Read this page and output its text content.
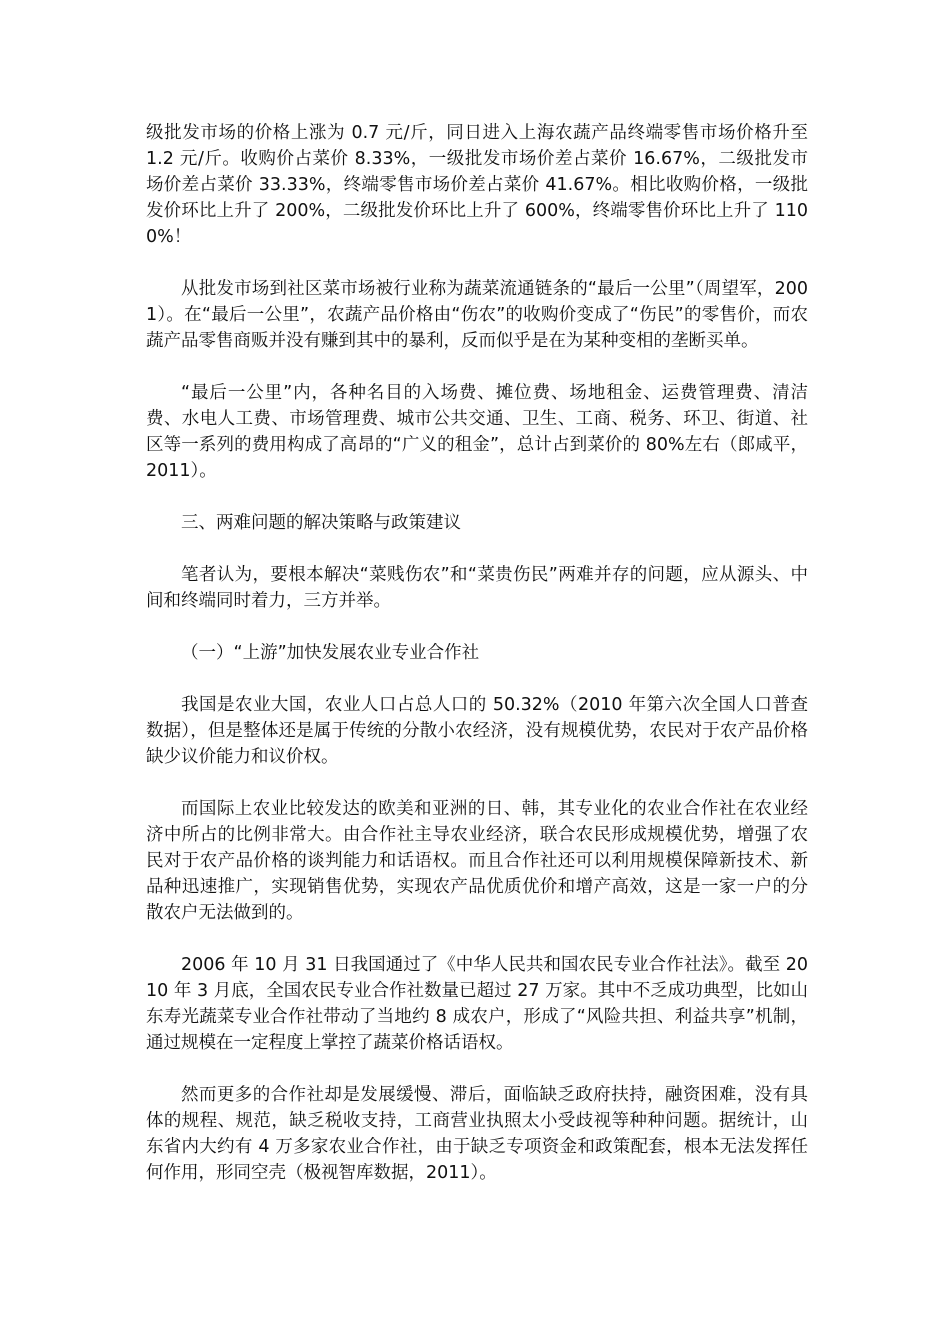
级批发市场的价格上涨为 0.7 元/斤，同日进入上海农蔬产品终端零售市场价格升至 1.2 元/斤。收购价占菜价 8.33%，一级批发市场价差占菜价 16.67%，二级批发市场价差占菜价 33.33%，终端零售市场价差占菜价 41.67%。相比收购价格，一级批发价环比上升了 200%，二级批发价环比上升了 600%，终端零售价环比上升了 1100%！

从批发市场到社区菜市场被行业称为蔬菜流通链条的“最后一公里”（周望军，2001）。在“最后一公里”，农蔬产品价格由“伤农”的收购价变成了“伤民”的零售价，而农蔬产品零售商贩并没有赚到其中的暴利，反而似乎是在为某种变相的垄断买单。

“最后一公里”内，各种名目的入场费、摊位费、场地租金、运费管理费、清洁费、水电人工费、市场管理费、城市公共交通、卫生、工商、税务、环卫、街道、社区等一系列的费用构成了高昂的“广义的租金”，总计占到菜价的 80%左右（郎咸平，2011）。

三、两难问题的解决策略与政策建议

笔者认为，要根本解决“菜贱伤农”和“菜贵伤民”两难并存的问题，应从源头、中间和终端同时着力，三方并举。

（一）“上游”加快发展农业专业合作社

我国是农业大国，农业人口占总人口的 50.32%（2010 年第六次全国人口普查数据），但是整体还是属于传统的分散小农经济，没有规模优势，农民对于农产品价格缺少议价能力和议价权。

而国际上农业比较发达的欧美和亚洲的日、韩，其专业化的农业合作社在农业经济中所占的比例非常大。由合作社主导农业经济，联合农民形成规模优势，增强了农民对于农产品价格的谈判能力和话语权。而且合作社还可以利用规模保障新技术、新品种迅速推广，实现销售优势，实现农产品优质优价和增产高效，这是一家一户的分散农户无法做到的。

2006 年 10 月 31 日我国通过了《中华人民共和国农民专业合作社法》。截至 2010 年 3 月底，全国农民专业合作社数量已超过 27 万家。其中不乏成功典型，比如山东寿光蔬菜专业合作社带动了当地约 8 成农户，形成了“风险共担、利益共享”机制，通过规模在一定程度上掌控了蔬菜价格话语权。

然而更多的合作社却是发展缓慢、滞后，面临缺乏政府扶持，融资困难，没有具体的规程、规范，缺乏税收支持，工商营业执照太小受歧视等种种问题。据统计，山东省内大约有 4 万多家农业合作社，由于缺乏专项资金和政策配套，根本无法发挥任何作用，形同空壳（极视智库数据，2011）。
